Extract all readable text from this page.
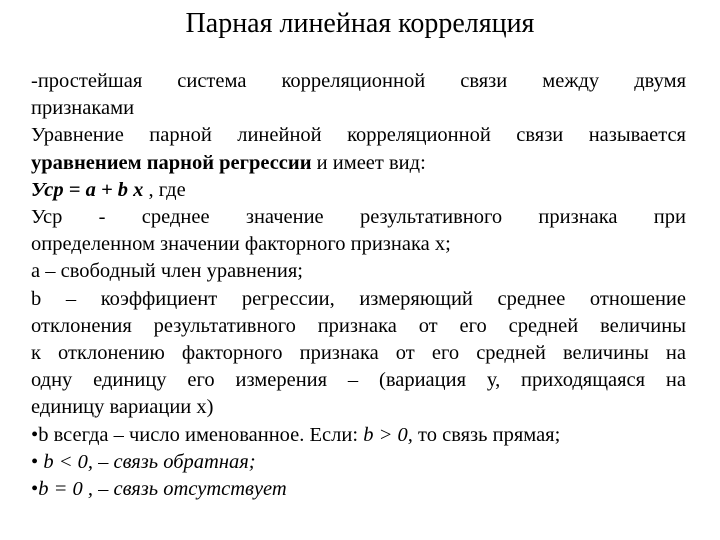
Парная линейная корреляция

-простейшая система корреляционной связи между двумя

признаками

Уравнение парной линейной корреляционной связи называется уравнением парной регрессии и имеет вид:

Уср = a + b x , где

Уср - среднее значение результативного признака при

определенном значении факторного признака х;

a – свободный член уравнения;

b – коэффициент регрессии, измеряющий среднее отношение

отклонения результативного признака от его средней величины

к отклонению факторного признака от его средней величины на

одну единицу его измерения – (вариация у, приходящаяся на

единицу вариации х)

•b всегда – число именованное. Если: b > 0, то связь прямая;

• b < 0, – связь обратная;

•b = 0 , – связь отсутствует
